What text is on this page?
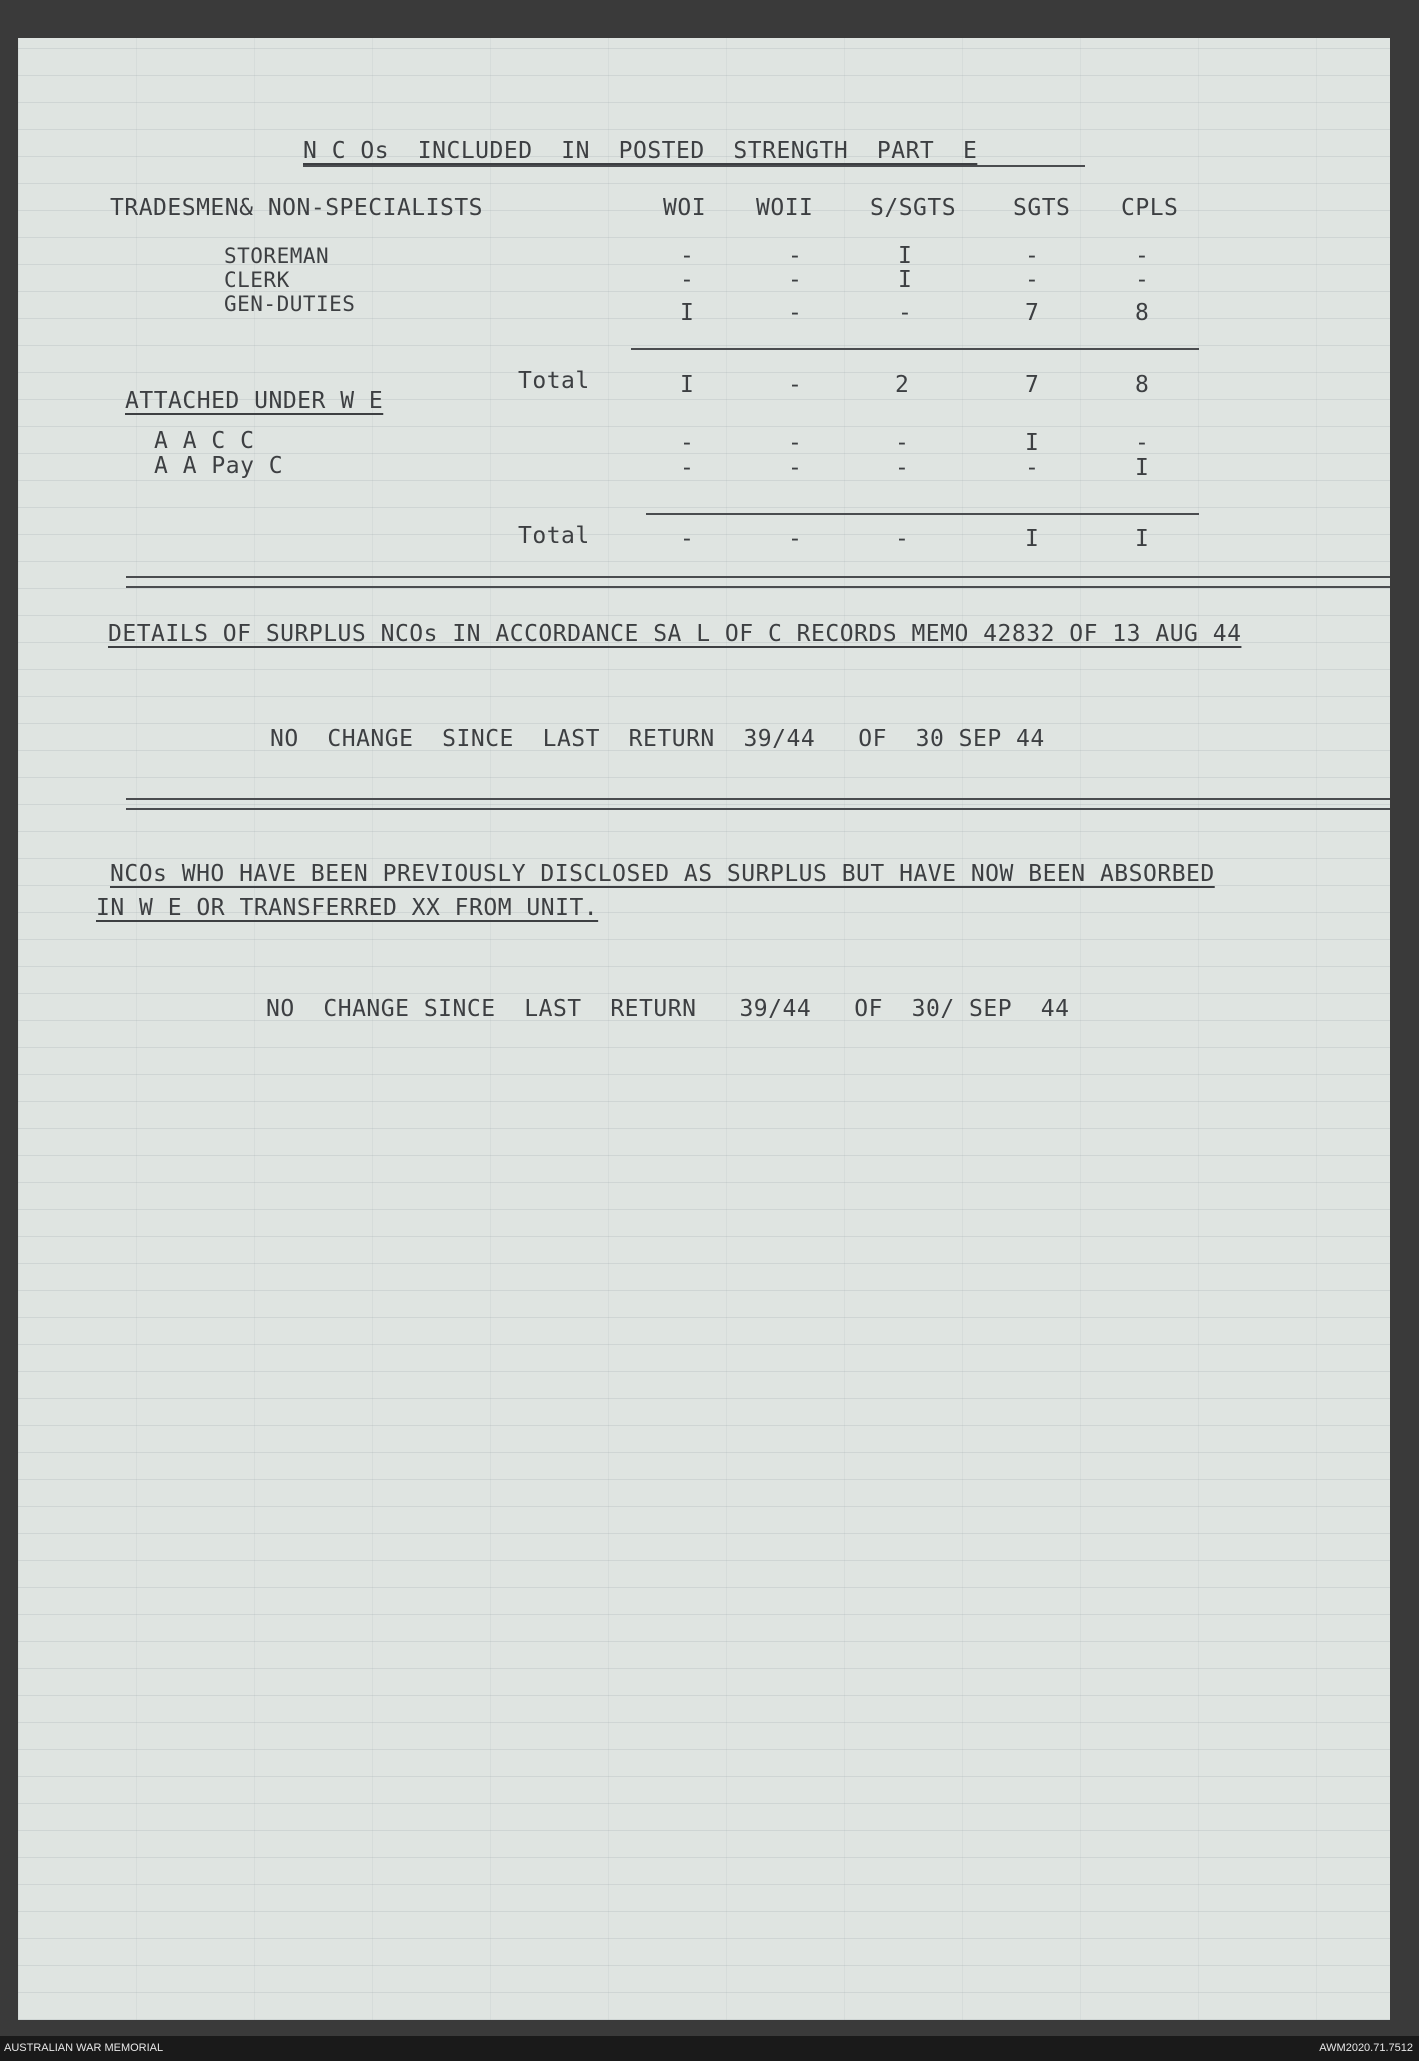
N C Os  INCLUDED  IN  POSTED  STRENGTH  PART  E
TRADESMEN& NON-SPECIALISTS	WOI WOII S/SGTS SGTS CPLS
STOREMAN	-	-	I	-	-
CLERK	-	-	I	-	-
GEN-DUTIES	I	-	-	7	8
Total	I	-	2	7	8
ATTACHED UNDER W E
A A C C	-	-	-	I	-
A A Pay C	-	-	-	-	I
Total	-	-	-	I	I
DETAILS OF SURPLUS NCOs IN ACCORDANCE SA L OF C RECORDS MEMO 42832 OF 13 AUG 44
NO  CHANGE  SINCE  LAST  RETURN  39/44   OF  30 SEP 44
NCOs WHO HAVE BEEN PREVIOUSLY DISCLOSED AS SURPLUS BUT HAVE NOW BEEN ABSORBED
IN W E OR TRANSFERRED XX FROM UNIT.
NO  CHANGE SINCE  LAST  RETURN   39/44   OF  30/ SEP  44
AUSTRALIAN WAR MEMORIAL	AWM2020.71.7512
